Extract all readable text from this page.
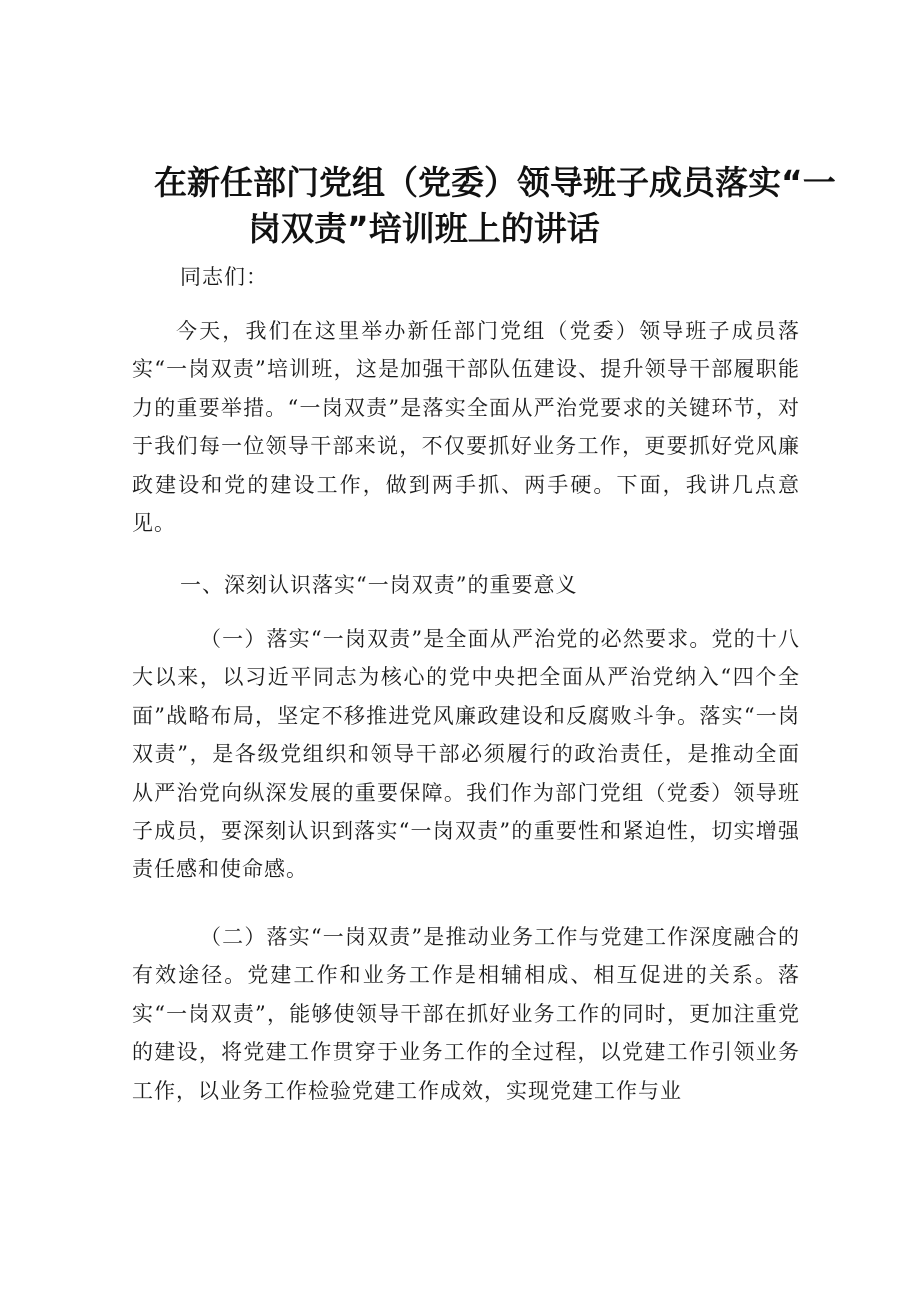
在新任部门党组（党委）领导班子成员落实“一
岗双责”培训班上的讲话

同志们：

今天，我们在这里举办新任部门党组（党委）领导班子成员落实“一岗双责”培训班，这是加强干部队伍建设、提升领导干部履职能力的重要举措。“一岗双责”是落实全面从严治党要求的关键环节，对于我们每一位领导干部来说，不仅要抓好业务工作，更要抓好党风廉政建设和党的建设工作，做到两手抓、两手硬。下面，我讲几点意见。

一、深刻认识落实“一岗双责”的重要意义

（一）落实“一岗双责”是全面从严治党的必然要求。党的十八大以来，以习近平同志为核心的党中央把全面从严治党纳入“四个全面”战略布局，坚定不移推进党风廉政建设和反腐败斗争。落实“一岗双责”，是各级党组织和领导干部必须履行的政治责任，是推动全面从严治党向纵深发展的重要保障。我们作为部门党组（党委）领导班子成员，要深刻认识到落实“一岗双责”的重要性和紧迫性，切实增强责任感和使命感。

（二）落实“一岗双责”是推动业务工作与党建工作深度融合的有效途径。党建工作和业务工作是相辅相成、相互促进的关系。落实“一岗双责”，能够使领导干部在抓好业务工作的同时，更加注重党的建设，将党建工作贯穿于业务工作的全过程，以党建工作引领业务工作，以业务工作检验党建工作成效，实现党建工作与业
